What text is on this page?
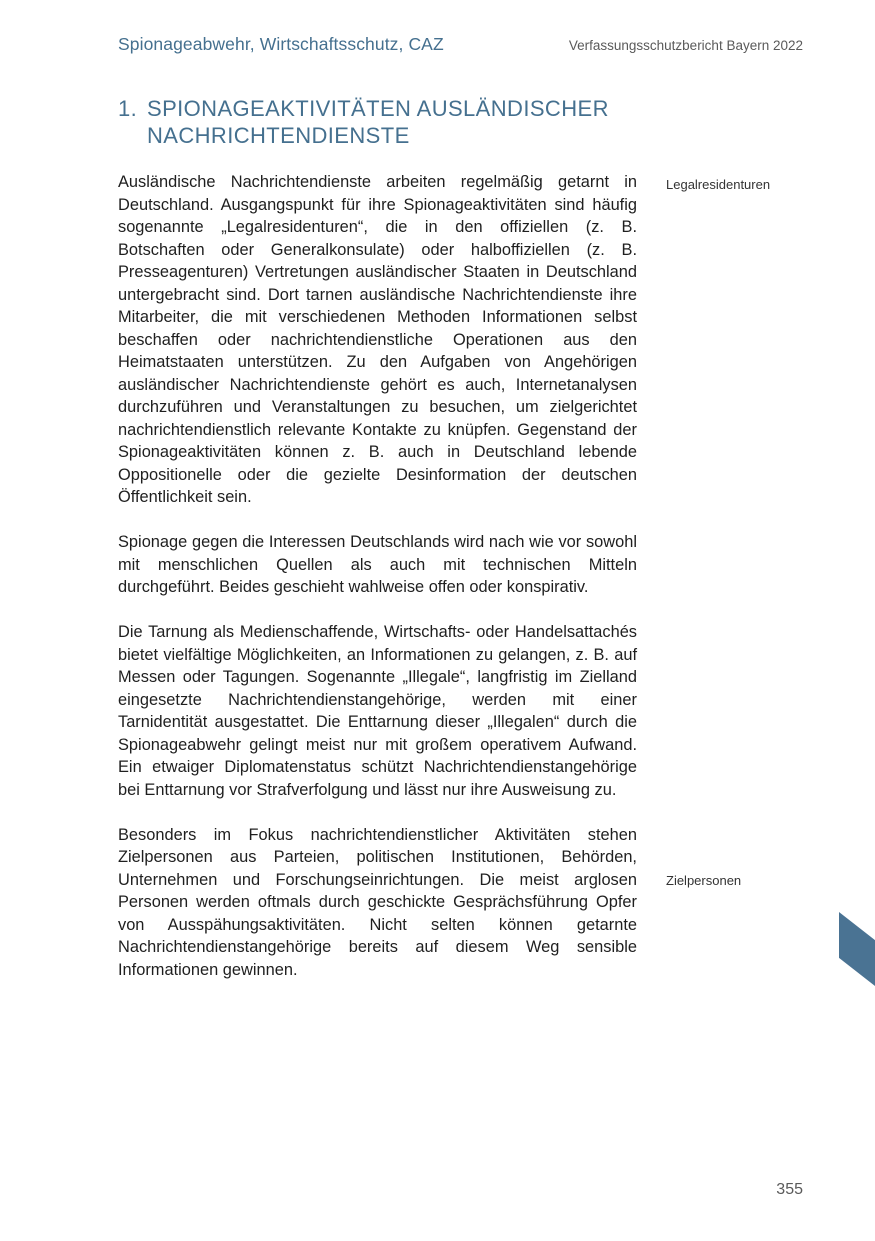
Spionageabwehr, Wirtschaftsschutz, CAZ	Verfassungsschutzbericht Bayern 2022
1. SPIONAGEAKTIVITÄTEN AUSLÄNDISCHER
NACHRICHTENDIENSTE

Ausländische Nachrichtendienste arbeiten regelmäßig getarnt in Deutschland. Ausgangspunkt für ihre Spionageaktivitäten sind häufig sogenannte „Legalresidenturen“, die in den offiziellen (z. B. Botschaften oder Generalkonsulate) oder halboffiziellen (z. B. Presseagenturen) Vertretungen ausländischer Staaten in Deutschland untergebracht sind. Dort tarnen ausländische Nachrichtendienste ihre Mitarbeiter, die mit verschiedenen Methoden Informationen selbst beschaffen oder nachrichtendienstliche Operationen aus den Heimatstaaten unterstützen. Zu den Aufgaben von Angehörigen ausländischer Nachrichtendienste gehört es auch, Internetanalysen durchzuführen und Veranstaltungen zu besuchen, um zielgerichtet nachrichtendienstlich relevante Kontakte zu knüpfen. Gegenstand der Spionageaktivitäten können z. B. auch in Deutschland lebende Oppositionelle oder die gezielte Desinformation der deutschen Öffentlichkeit sein.

Spionage gegen die Interessen Deutschlands wird nach wie vor sowohl mit menschlichen Quellen als auch mit technischen Mitteln durchgeführt. Beides geschieht wahlweise offen oder konspirativ.

Die Tarnung als Medienschaffende, Wirtschafts- oder Handelsattachés bietet vielfältige Möglichkeiten, an Informationen zu gelangen, z. B. auf Messen oder Tagungen. Sogenannte „Illegale“, langfristig im Zielland eingesetzte Nachrichtendienstangehörige, werden mit einer Tarnidentität ausgestattet. Die Enttarnung dieser „Illegalen“ durch die Spionageabwehr gelingt meist nur mit großem operativem Aufwand. Ein etwaiger Diplomatenstatus schützt Nachrichtendienstangehörige bei Enttarnung vor Strafverfolgung und lässt nur ihre Ausweisung zu.

Besonders im Fokus nachrichtendienstlicher Aktivitäten stehen Zielpersonen aus Parteien, politischen Institutionen, Behörden, Unternehmen und Forschungseinrichtungen. Die meist arglosen Personen werden oftmals durch geschickte Gesprächsführung Opfer von Ausspähungsaktivitäten. Nicht selten können getarnte Nachrichtendienstangehörige bereits auf diesem Weg sensible Informationen gewinnen.

Legalresidenturen
Zielpersonen
355
